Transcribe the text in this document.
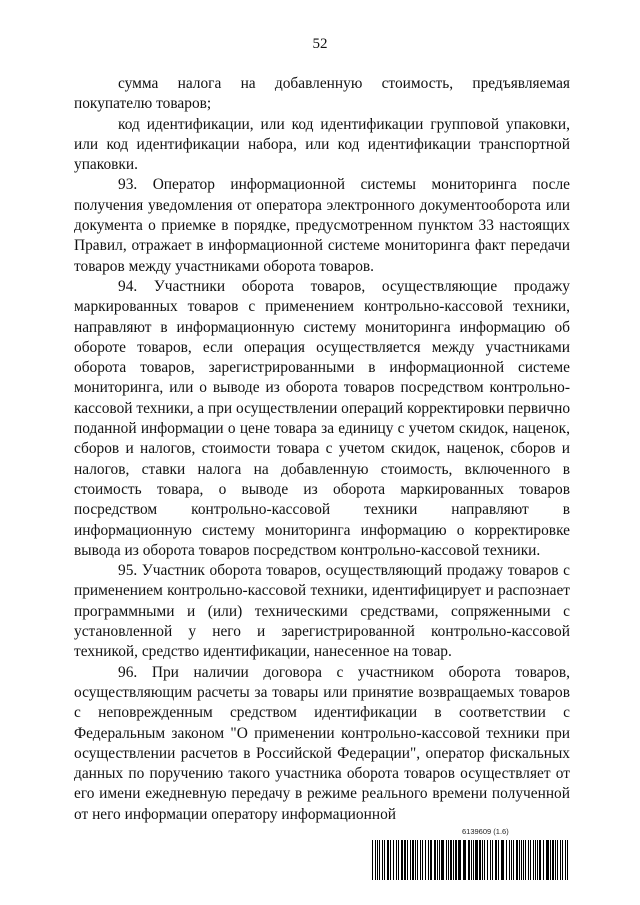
52

сумма налога на добавленную стоимость, предъявляемая покупателю товаров;

код идентификации, или код идентификации групповой упаковки, или код идентификации набора, или код идентификации транспортной упаковки.

93. Оператор информационной системы мониторинга после получения уведомления от оператора электронного документооборота или документа о приемке в порядке, предусмотренном пунктом 33 настоящих Правил, отражает в информационной системе мониторинга факт передачи товаров между участниками оборота товаров.

94. Участники оборота товаров, осуществляющие продажу маркированных товаров с применением контрольно-кассовой техники, направляют в информационную систему мониторинга информацию об обороте товаров, если операция осуществляется между участниками оборота товаров, зарегистрированными в информационной системе мониторинга, или о выводе из оборота товаров посредством контрольно-кассовой техники, а при осуществлении операций корректировки первично поданной информации о цене товара за единицу с учетом скидок, наценок, сборов и налогов, стоимости товара с учетом скидок, наценок, сборов и налогов, ставки налога на добавленную стоимость, включенного в стоимость товара, о выводе из оборота маркированных товаров посредством контрольно-кассовой техники направляют в информационную систему мониторинга информацию о корректировке вывода из оборота товаров посредством контрольно-кассовой техники.

95. Участник оборота товаров, осуществляющий продажу товаров с применением контрольно-кассовой техники, идентифицирует и распознает программными и (или) техническими средствами, сопряженными с установленной у него и зарегистрированной контрольно-кассовой техникой, средство идентификации, нанесенное на товар.

96. При наличии договора с участником оборота товаров, осуществляющим расчеты за товары или принятие возвращаемых товаров с неповрежденным средством идентификации в соответствии с Федеральным законом "О применении контрольно-кассовой техники при осуществлении расчетов в Российской Федерации", оператор фискальных данных по поручению такого участника оборота товаров осуществляет от его имени ежедневную передачу в режиме реального времени полученной от него информации оператору информационной

6139609 (1.6)
